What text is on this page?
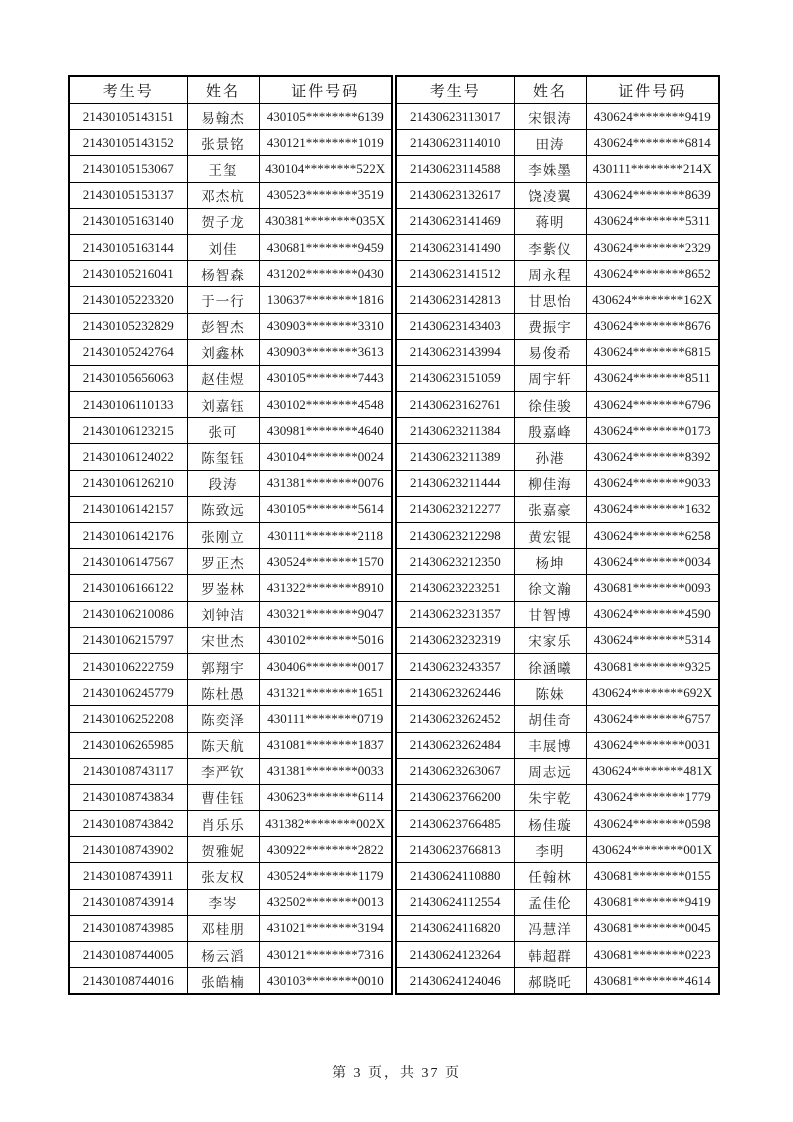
考生号	姓名	证件号码
21430105143151	易翰杰	430105********6139
21430105143152	张景铭	430121********1019
21430105153067	王玺	430104********522X
21430105153137	邓杰杭	430523********3519
21430105163140	贺子龙	430381********035X
21430105163144	刘佳	430681********9459
21430105216041	杨智森	431202********0430
21430105223320	于一行	130637********1816
21430105232829	彭智杰	430903********3310
21430105242764	刘鑫林	430903********3613
21430105656063	赵佳煜	430105********7443
21430106110133	刘嘉钰	430102********4548
21430106123215	张可	430981********4640
21430106124022	陈玺钰	430104********0024
21430106126210	段涛	431381********0076
21430106142157	陈致远	430105********5614
21430106142176	张刚立	430111********2118
21430106147567	罗正杰	430524********1570
21430106166122	罗崟林	431322********8910
21430106210086	刘钟洁	430321********9047
21430106215797	宋世杰	430102********5016
21430106222759	郭翔宇	430406********0017
21430106245779	陈杜愚	431321********1651
21430106252208	陈奕泽	430111********0719
21430106265985	陈天航	431081********1837
21430108743117	李严钦	431381********0033
21430108743834	曹佳钰	430623********6114
21430108743842	肖乐乐	431382********002X
21430108743902	贺雅妮	430922********2822
21430108743911	张友权	430524********1179
21430108743914	李岑	432502********0013
21430108743985	邓桂朋	431021********3194
21430108744005	杨云滔	430121********7316
21430108744016	张皓楠	430103********0010
考生号	姓名	证件号码
21430623113017	宋银涛	430624********9419
21430623114010	田涛	430624********6814
21430623114588	李姝墨	430111********214X
21430623132617	饶凌翼	430624********8639
21430623141469	蒋明	430624********5311
21430623141490	李紫仪	430624********2329
21430623141512	周永程	430624********8652
21430623142813	甘思怡	430624********162X
21430623143403	费振宇	430624********8676
21430623143994	易俊希	430624********6815
21430623151059	周宇轩	430624********8511
21430623162761	徐佳骏	430624********6796
21430623211384	殷嘉峰	430624********0173
21430623211389	孙港	430624********8392
21430623211444	柳佳海	430624********9033
21430623212277	张嘉豪	430624********1632
21430623212298	黄宏锟	430624********6258
21430623212350	杨坤	430624********0034
21430623223251	徐文瀚	430681********0093
21430623231357	甘智博	430624********4590
21430623232319	宋家乐	430624********5314
21430623243357	徐涵曦	430681********9325
21430623262446	陈妹	430624********692X
21430623262452	胡佳奇	430624********6757
21430623262484	丰展博	430624********0031
21430623263067	周志远	430624********481X
21430623766200	朱宇乾	430624********1779
21430623766485	杨佳璇	430624********0598
21430623766813	李明	430624********001X
21430624110880	任翰林	430681********0155
21430624112554	孟佳伦	430681********9419
21430624116820	冯慧洋	430681********0045
21430624123264	韩超群	430681********0223
21430624124046	郝晓吒	430681********4614
第 3 页，共 37 页
